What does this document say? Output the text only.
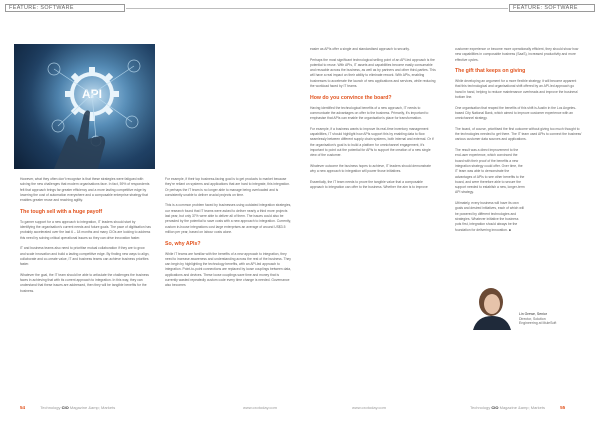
FEATURE: SOFTWARE	FEATURE: SOFTWARE
API

However, what they often don't recognise is that these strategies were fatigued with solving the new challenges that modern organisations face. In fact, 59% of respondents felt that approach brings far greater efficiency and a more lasting competitive edge by lowering the cost of automation everywhere and a composable enterprise strategy that enables greater reuse and reaching agility.

The tough sell with a huge payoff

To garner support for a new approach to integration, IT leaders should start by identifying the organisation's current needs and future goals. The pace of digitisation has probably accelerated over the last 6 – 18 months and many CIOs are looking to address this need by solving critical operational issues so they can drive innovation faster.

IT and business teams also need to prioritise mutual collaboration if they are to grow and scale innovation and build a lasting competitive edge. By finding new ways to align, collaborate and co-create value, IT and business teams can achieve business priorities faster.

Whatever the goal, the IT team should be able to articulate the challenges the business faces in achieving that with its current approach to integration. In this way, they can understand that these issues are addressed, then they will be tangible benefits for the business.

For example, if their top business-facing goal is to get products to market because they're reliant on systems and applications that are hard to integrate, this integration. Or perhaps the IT team is no longer able to manage being overloaded and is consistently unable to deliver crucial projects on time.

This is a common problem faced by businesses using outdated integration strategies, our research found that IT teams were asked to deliver nearly a third more projects last year, but only 37% were able to deliver all of them. The issues could also be pervaded by the potential to save costs with a new approach to integration. Currently, custom in-house integrations cost large enterprises an average of around US$3.5 million per year, based on labour costs alone.

So, why APIs?

While IT teams are familiar with the benefits of a new approach to integration, they need to increase awareness and understanding across the rest of the business. They can begin by highlighting the technology benefits, with an API-led approach to integration. Point-to-point connections are replaced by loose couplings between data, applications and devices. These loose couplings save time and money that is currently wasted repeatedly custom code every time change is needed. Governance also becomes

easier as APIs offer a single and standardised approach to security.

Perhaps the most significant technological selling point of an API-led approach is the potential to reuse. With APIs, IT assets and capabilities become easily consumable and reusable across the business, as well as by partners and other third-parties. This will have a real impact on their ability to eliminate rework. With APIs, enabling businesses to accelerate the launch of new applications and services, while reducing the workload faced by IT teams.

How do you convince the board?

Having identified the technological benefits of a new approach, IT needs to communicate the advantages on offer to the business. Primarily, it's important to emphasise that APIs can enable the organisation's place for transformation.

For example, if a business wants to improve its real-time inventory management capabilities, IT should highlight how APIs support this by enabling data to flow seamlessly between different supply chain systems, both internal and external. Or if the organisation's goal is to build a platform for omnichannel engagement, it's important to point out the potential for APIs to support the creation of a new single view of the customer.

Whatever outcome the business hopes to achieve, IT leaders should demonstrate why a new approach to integration will power those initiatives.

Essentially, the IT team needs to prove the tangible value that a composable approach to integration can offer to the business. Whether the aim is to improve

customer experience or become more operationally efficient, they should show how new capabilities in composable business (SaaS), increased productivity and more effective cycles.

The gift that keeps on giving

While developing an argument for a more flexible strategy, it will become apparent that this technological and organisational shift offered by an API-led approach go hand in hand, helping to reduce maintenance overheads and improve the business' bottom line.

One organisation that reaped the benefits of this shift is Austin in the Los Angeles-based City National Bank, which aimed to improve customer experience with an omnichannel strategy.

The board, of course, prioritised the first outcome without giving too much thought to the technologies needed to get there. The IT team used APIs to connect the business' various customer data sources and applications.

The result was a direct improvement to the end-user experience, which convinced the board with their proof of the benefits a new integration strategy could offer. Over time, the IT team was able to demonstrate the advantages of APIs to see other benefits to the board, and were therefore able to secure the support needed to establish a new, longer-term API strategy.

Ultimately, every business will have its own goals and desired initiatives, each of which will be powered by different technologies and strategies. Whatever initiative the business puts first, integration should always be the foundation for delivering innovation. ■

Lin Grewe, Senior
Director, Solution
Engineering at MuleSoft
54	Technology CIO Magazine &amp; Markets	www.cxotoday.com	www.cxotoday.com	Technology CIO Magazine &amp; Markets	55
